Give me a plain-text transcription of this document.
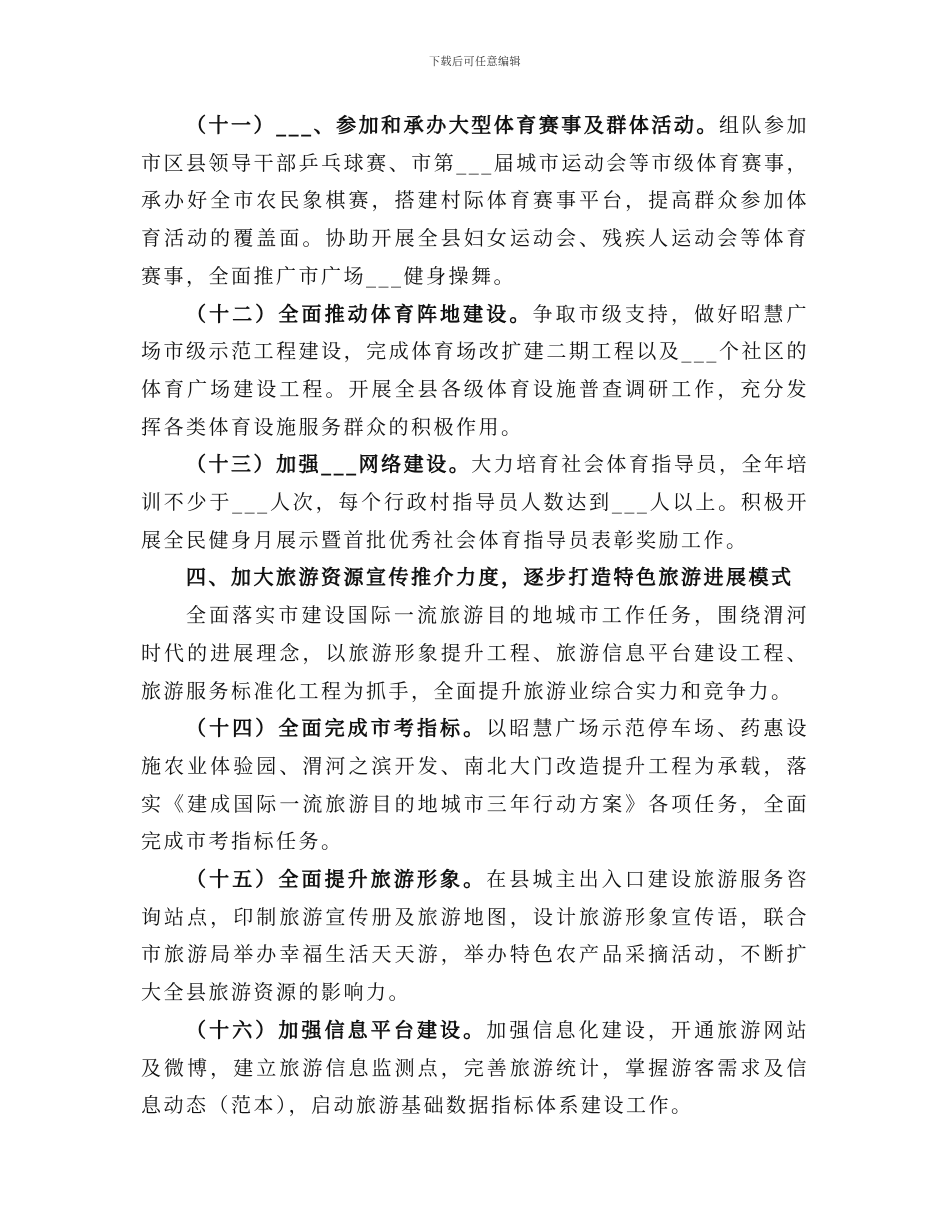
下载后可任意编辑

（十一）___、参加和承办大型体育赛事及群体活动。组队参加市区县领导干部乒乓球赛、市第___届城市运动会等市级体育赛事，承办好全市农民象棋赛，搭建村际体育赛事平台，提高群众参加体育活动的覆盖面。协助开展全县妇女运动会、残疾人运动会等体育赛事，全面推广市广场___健身操舞。

（十二）全面推动体育阵地建设。争取市级支持，做好昭慧广场市级示范工程建设，完成体育场改扩建二期工程以及___个社区的体育广场建设工程。开展全县各级体育设施普查调研工作，充分发挥各类体育设施服务群众的积极作用。

（十三）加强___网络建设。大力培育社会体育指导员，全年培训不少于___人次，每个行政村指导员人数达到___人以上。积极开展全民健身月展示暨首批优秀社会体育指导员表彰奖励工作。

四、加大旅游资源宣传推介力度，逐步打造特色旅游进展模式

全面落实市建设国际一流旅游目的地城市工作任务，围绕渭河时代的进展理念，以旅游形象提升工程、旅游信息平台建设工程、旅游服务标准化工程为抓手，全面提升旅游业综合实力和竞争力。

（十四）全面完成市考指标。以昭慧广场示范停车场、药惠设施农业体验园、渭河之滨开发、南北大门改造提升工程为承载，落实《建成国际一流旅游目的地城市三年行动方案》各项任务，全面完成市考指标任务。

（十五）全面提升旅游形象。在县城主出入口建设旅游服务咨询站点，印制旅游宣传册及旅游地图，设计旅游形象宣传语，联合市旅游局举办幸福生活天天游，举办特色农产品采摘活动，不断扩大全县旅游资源的影响力。

（十六）加强信息平台建设。加强信息化建设，开通旅游网站及微博，建立旅游信息监测点，完善旅游统计，掌握游客需求及信息动态（范本），启动旅游基础数据指标体系建设工作。
